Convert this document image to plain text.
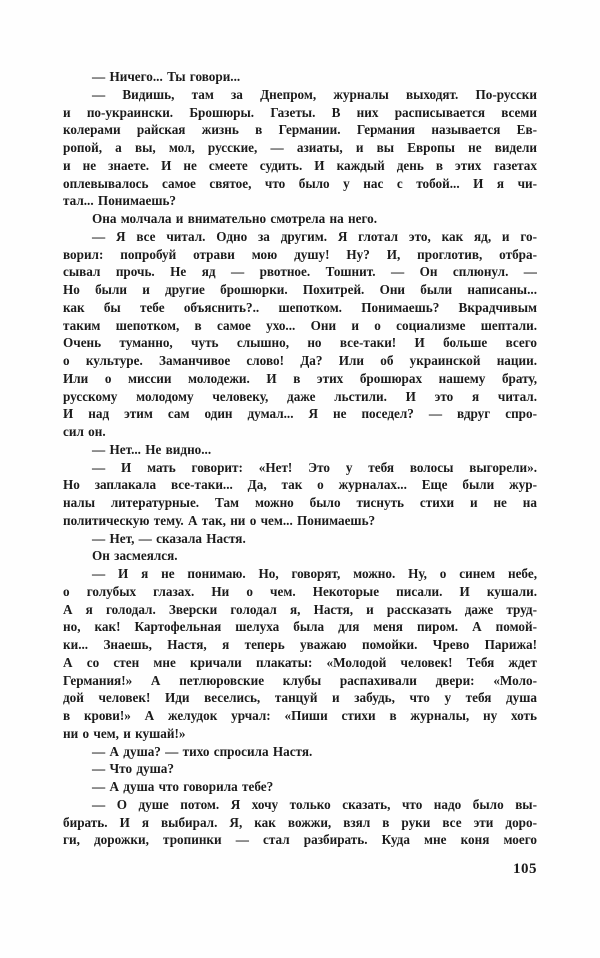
— Ничего... Ты говори...
— Видишь, там за Днепром, журналы выходят. По-русски
и по-украински. Брошюры. Газеты. В них расписывается всеми
колерами райская жизнь в Германии. Германия называется Ев-
ропой, а вы, мол, русские, — азиаты, и вы Европы не видели
и не знаете. И не смеете судить. И каждый день в этих газетах
оплевывалось самое святое, что было у нас с тобой... И я чи-
тал... Понимаешь?
Она молчала и внимательно смотрела на него.
— Я все читал. Одно за другим. Я глотал это, как яд, и го-
ворил: попробуй отрави мою душу! Ну? И, проглотив, отбра-
сывал прочь. Не яд — рвотное. Тошнит. — Он сплюнул. —
Но были и другие брошюрки. Похитрей. Они были написаны...
как бы тебе объяснить?.. шепотком. Понимаешь? Вкрадчивым
таким шепотком, в самое ухо... Они и о социализме шептали.
Очень туманно, чуть слышно, но все-таки! И больше всего
о культуре. Заманчивое слово! Да? Или об украинской нации.
Или о миссии молодежи. И в этих брошюрах нашему брату,
русскому молодому человеку, даже льстили. И это я читал.
И над этим сам один думал... Я не поседел? — вдруг спро-
сил он.
— Нет... Не видно...
— И мать говорит: «Нет! Это у тебя волосы выгорели».
Но заплакала все-таки... Да, так о журналах... Еще были жур-
налы литературные. Там можно было тиснуть стихи и не на
политическую тему. А так, ни о чем... Понимаешь?
— Нет, — сказала Настя.
Он засмеялся.
— И я не понимаю. Но, говорят, можно. Ну, о синем небе,
о голубых глазах. Ни о чем. Некоторые писали. И кушали.
А я голодал. Зверски голодал я, Настя, и рассказать даже труд-
но, как! Картофельная шелуха была для меня пиром. А помой-
ки... Знаешь, Настя, я теперь уважаю помойки. Чрево Парижа!
А со стен мне кричали плакаты: «Молодой человек! Тебя ждет
Германия!» А петлюровские клубы распахивали двери: «Моло-
дой человек! Иди веселись, танцуй и забудь, что у тебя душа
в крови!» А желудок урчал: «Пиши стихи в журналы, ну хоть
ни о чем, и кушай!»
— А душа? — тихо спросила Настя.
— Что душа?
— А душа что говорила тебе?
— О душе потом. Я хочу только сказать, что надо было вы-
бирать. И я выбирал. Я, как вожжи, взял в руки все эти доро-
ги, дорожки, тропинки — стал разбирать. Куда мне коня моего
105
